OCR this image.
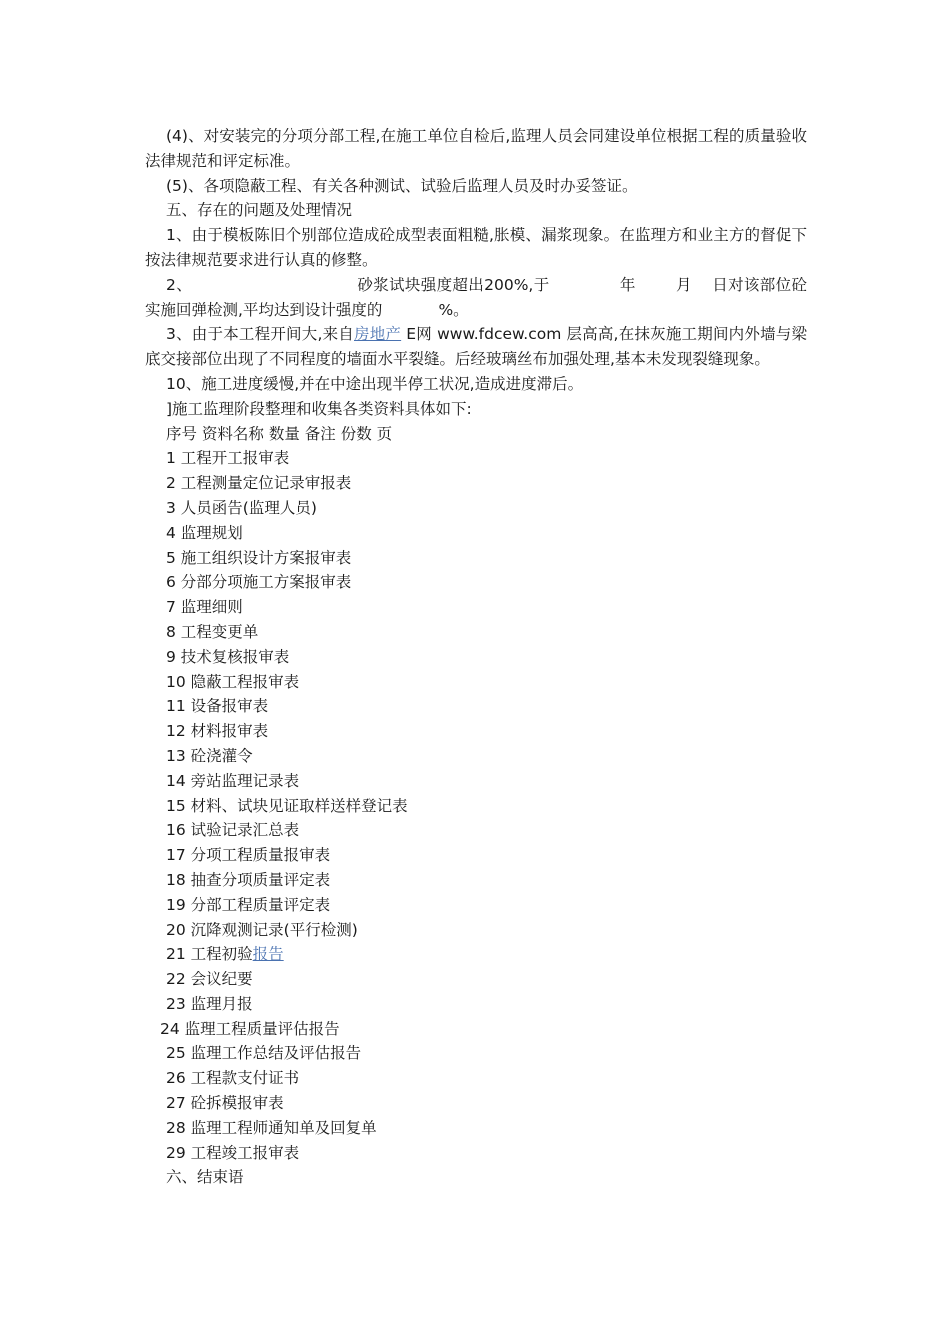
(4)、对安装完的分项分部工程,在施工单位自检后,监理人员会同建设单位根据工程的质量验收法律规范和评定标准。

(5)、各项隐蔽工程、有关各种测试、试验后监理人员及时办妥签证。

五、存在的问题及处理情况

1、由于模板陈旧个别部位造成砼成型表面粗糙,胀模、漏浆现象。在监理方和业主方的督促下按法律规范要求进行认真的修整。

2、	砂浆试块强度超出200%,于	年	月 日对该部位砼实施回弹检测,平均达到设计强度的	%。

3、由于本工程开间大,来自房地产 E网 www.fdcew.com 层高高,在抹灰施工期间内外墙与梁底交接部位出现了不同程度的墙面水平裂缝。后经玻璃丝布加强处理,基本未发现裂缝现象。

10、施工进度缓慢,并在中途出现半停工状况,造成进度滞后。

]施工监理阶段整理和收集各类资料具体如下:

序号 资料名称 数量 备注 份数 页

1 工程开工报审表
2 工程测量定位记录审报表
3 人员函告(监理人员)
4 监理规划
5 施工组织设计方案报审表
6 分部分项施工方案报审表
7 监理细则
8 工程变更单
9 技术复核报审表
10 隐蔽工程报审表
11 设备报审表
12 材料报审表
13 砼浇灌令
14 旁站监理记录表
15 材料、试块见证取样送样登记表
16 试验记录汇总表
17 分项工程质量报审表
18 抽查分项质量评定表
19 分部工程质量评定表
20 沉降观测记录(平行检测)
21 工程初验报告
22 会议纪要
23 监理月报
24 监理工程质量评估报告
25 监理工作总结及评估报告
26 工程款支付证书
27 砼拆模报审表
28 监理工程师通知单及回复单
29 工程竣工报审表

六、结束语
